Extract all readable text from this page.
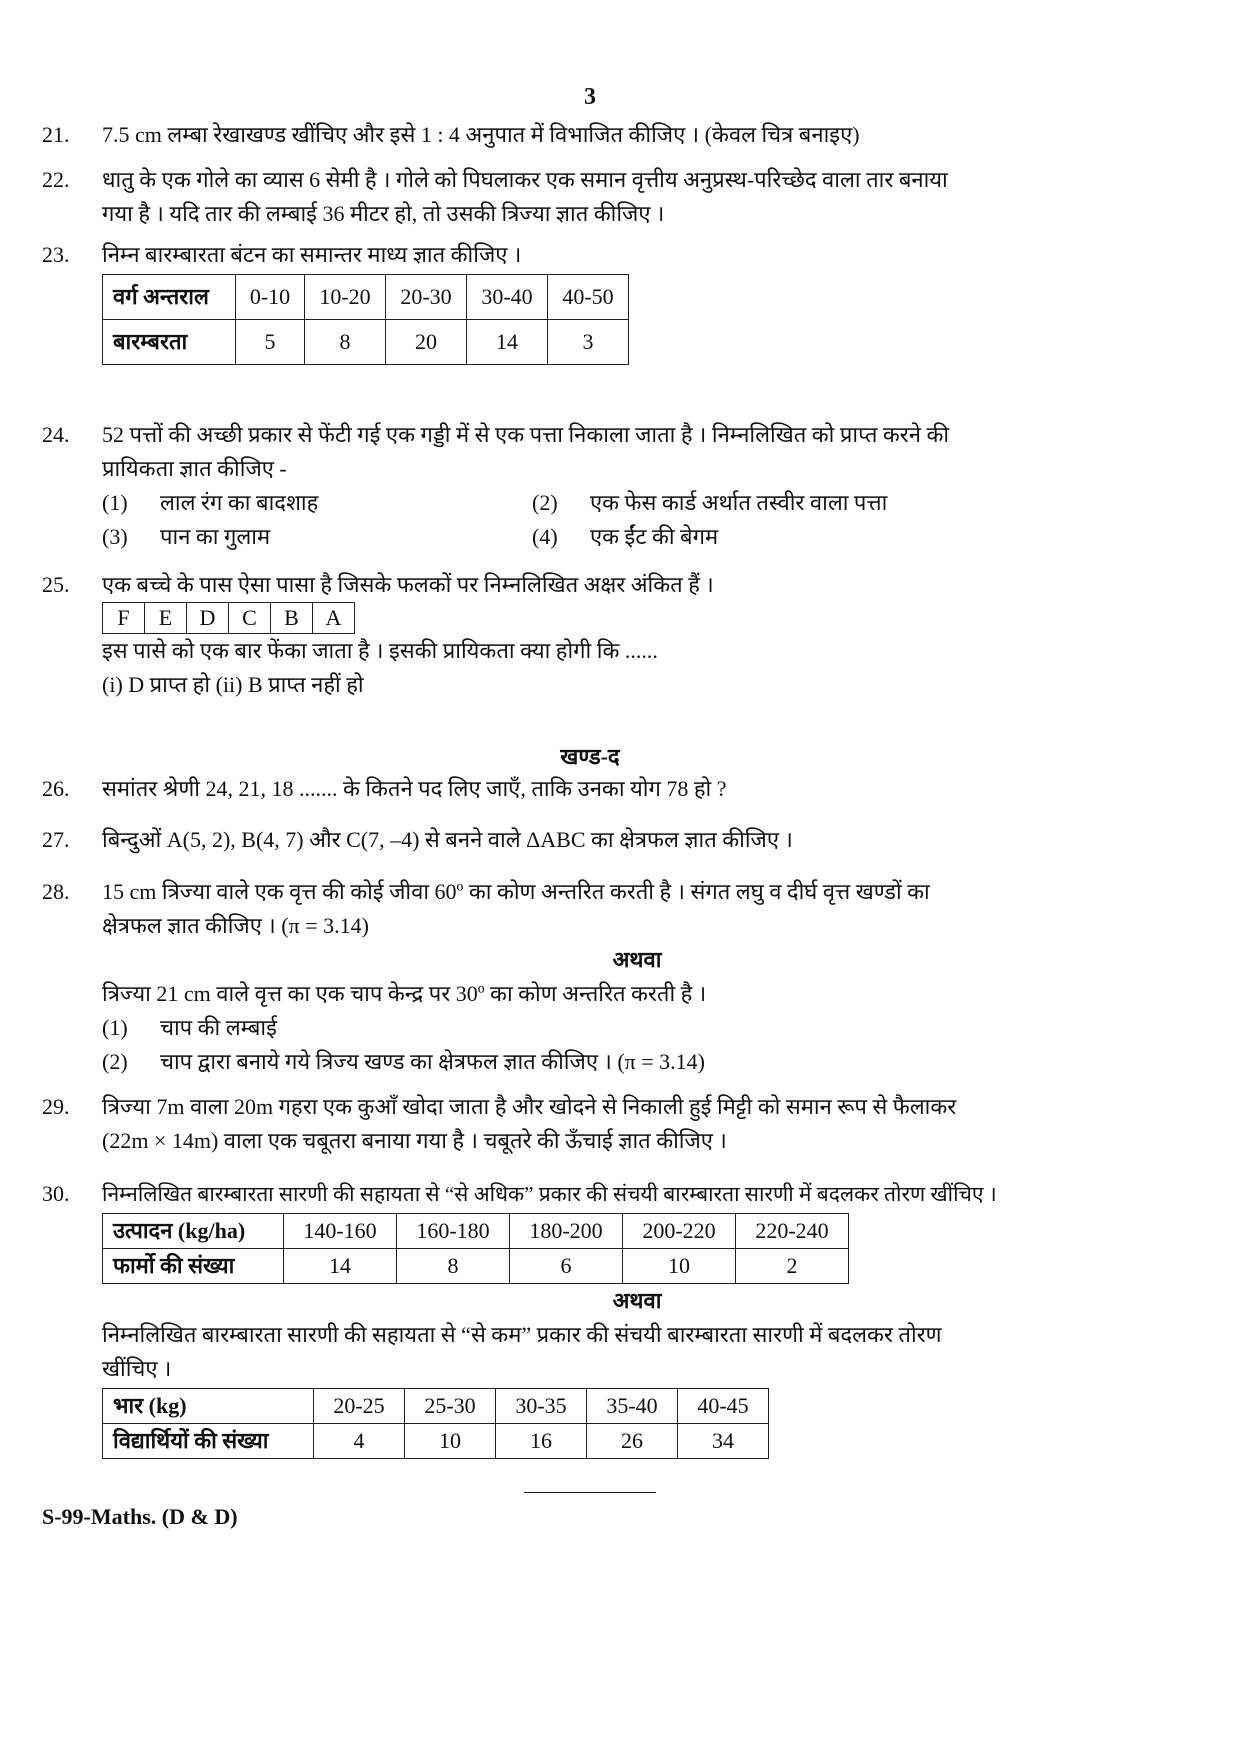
3
21.	7.5 cm लम्बा रेखाखण्ड खींचिए और इसे 1 : 4 अनुपात में विभाजित कीजिए । (केवल चित्र बनाइए)
22.	धातु के एक गोले का व्यास 6 सेमी है । गोले को पिघलाकर एक समान वृत्तीय अनुप्रस्थ-परिच्छेद वाला तार बनाया
गया है । यदि तार की लम्बाई 36 मीटर हो, तो उसकी त्रिज्या ज्ञात कीजिए ।
23.	निम्न बारम्बारता बंटन का समान्तर माध्य ज्ञात कीजिए ।
वर्ग अन्तराल	0-10	10-20	20-30	30-40	40-50
बारम्बरता	5	8	20	14	3
24.	52 पत्तों की अच्छी प्रकार से फेंटी गई एक गड्डी में से एक पत्ता निकाला जाता है । निम्नलिखित को प्राप्त करने की
प्रायिकता ज्ञात कीजिए -
(1)	लाल रंग का बादशाह	(2)	एक फेस कार्ड अर्थात तस्वीर वाला पत्ता
(3)	पान का गुलाम	(4)	एक ईंट की बेगम
25.	एक बच्चे के पास ऐसा पासा है जिसके फलकों पर निम्नलिखित अक्षर अंकित हैं ।
F	E	D	C	B	A
इस पासे को एक बार फेंका जाता है । इसकी प्रायिकता क्या होगी कि ......
(i) D प्राप्त हो (ii) B प्राप्त नहीं हो
खण्ड-द
26.	समांतर श्रेणी 24, 21, 18 ....... के कितने पद लिए जाएँ, ताकि उनका योग 78 हो ?
27.	बिन्दुओं A(5, 2), B(4, 7) और C(7, –4) से बनने वाले ΔABC का क्षेत्रफल ज्ञात कीजिए ।
28.	15 cm त्रिज्या वाले एक वृत्त की कोई जीवा 60º का कोण अन्तरित करती है । संगत लघु व दीर्घ वृत्त खण्डों का
क्षेत्रफल ज्ञात कीजिए । (π = 3.14)
अथवा
त्रिज्या 21 cm वाले वृत्त का एक चाप केन्द्र पर 30º का कोण अन्तरित करती है ।
(1)	चाप की लम्बाई
(2)	चाप द्वारा बनाये गये त्रिज्य खण्ड का क्षेत्रफल ज्ञात कीजिए । (π = 3.14)
29.	त्रिज्या 7m वाला 20m गहरा एक कुआँ खोदा जाता है और खोदने से निकाली हुई मिट्टी को समान रूप से फैलाकर
(22m × 14m) वाला एक चबूतरा बनाया गया है । चबूतरे की ऊँचाई ज्ञात कीजिए ।
30.	निम्नलिखित बारम्बारता सारणी की सहायता से “से अधिक” प्रकार की संचयी बारम्बारता सारणी में बदलकर तोरण खींचिए ।
उत्पादन (kg/ha)	140-160	160-180	180-200	200-220	220-240
फार्मो की संख्या	14	8	6	10	2
अथवा
निम्नलिखित बारम्बारता सारणी की सहायता से “से कम” प्रकार की संचयी बारम्बारता सारणी में बदलकर तोरण
खींचिए ।
भार (kg)	20-25	25-30	30-35	35-40	40-45
विद्यार्थियों की संख्या	4	10	16	26	34
S-99-Maths. (D & D)
